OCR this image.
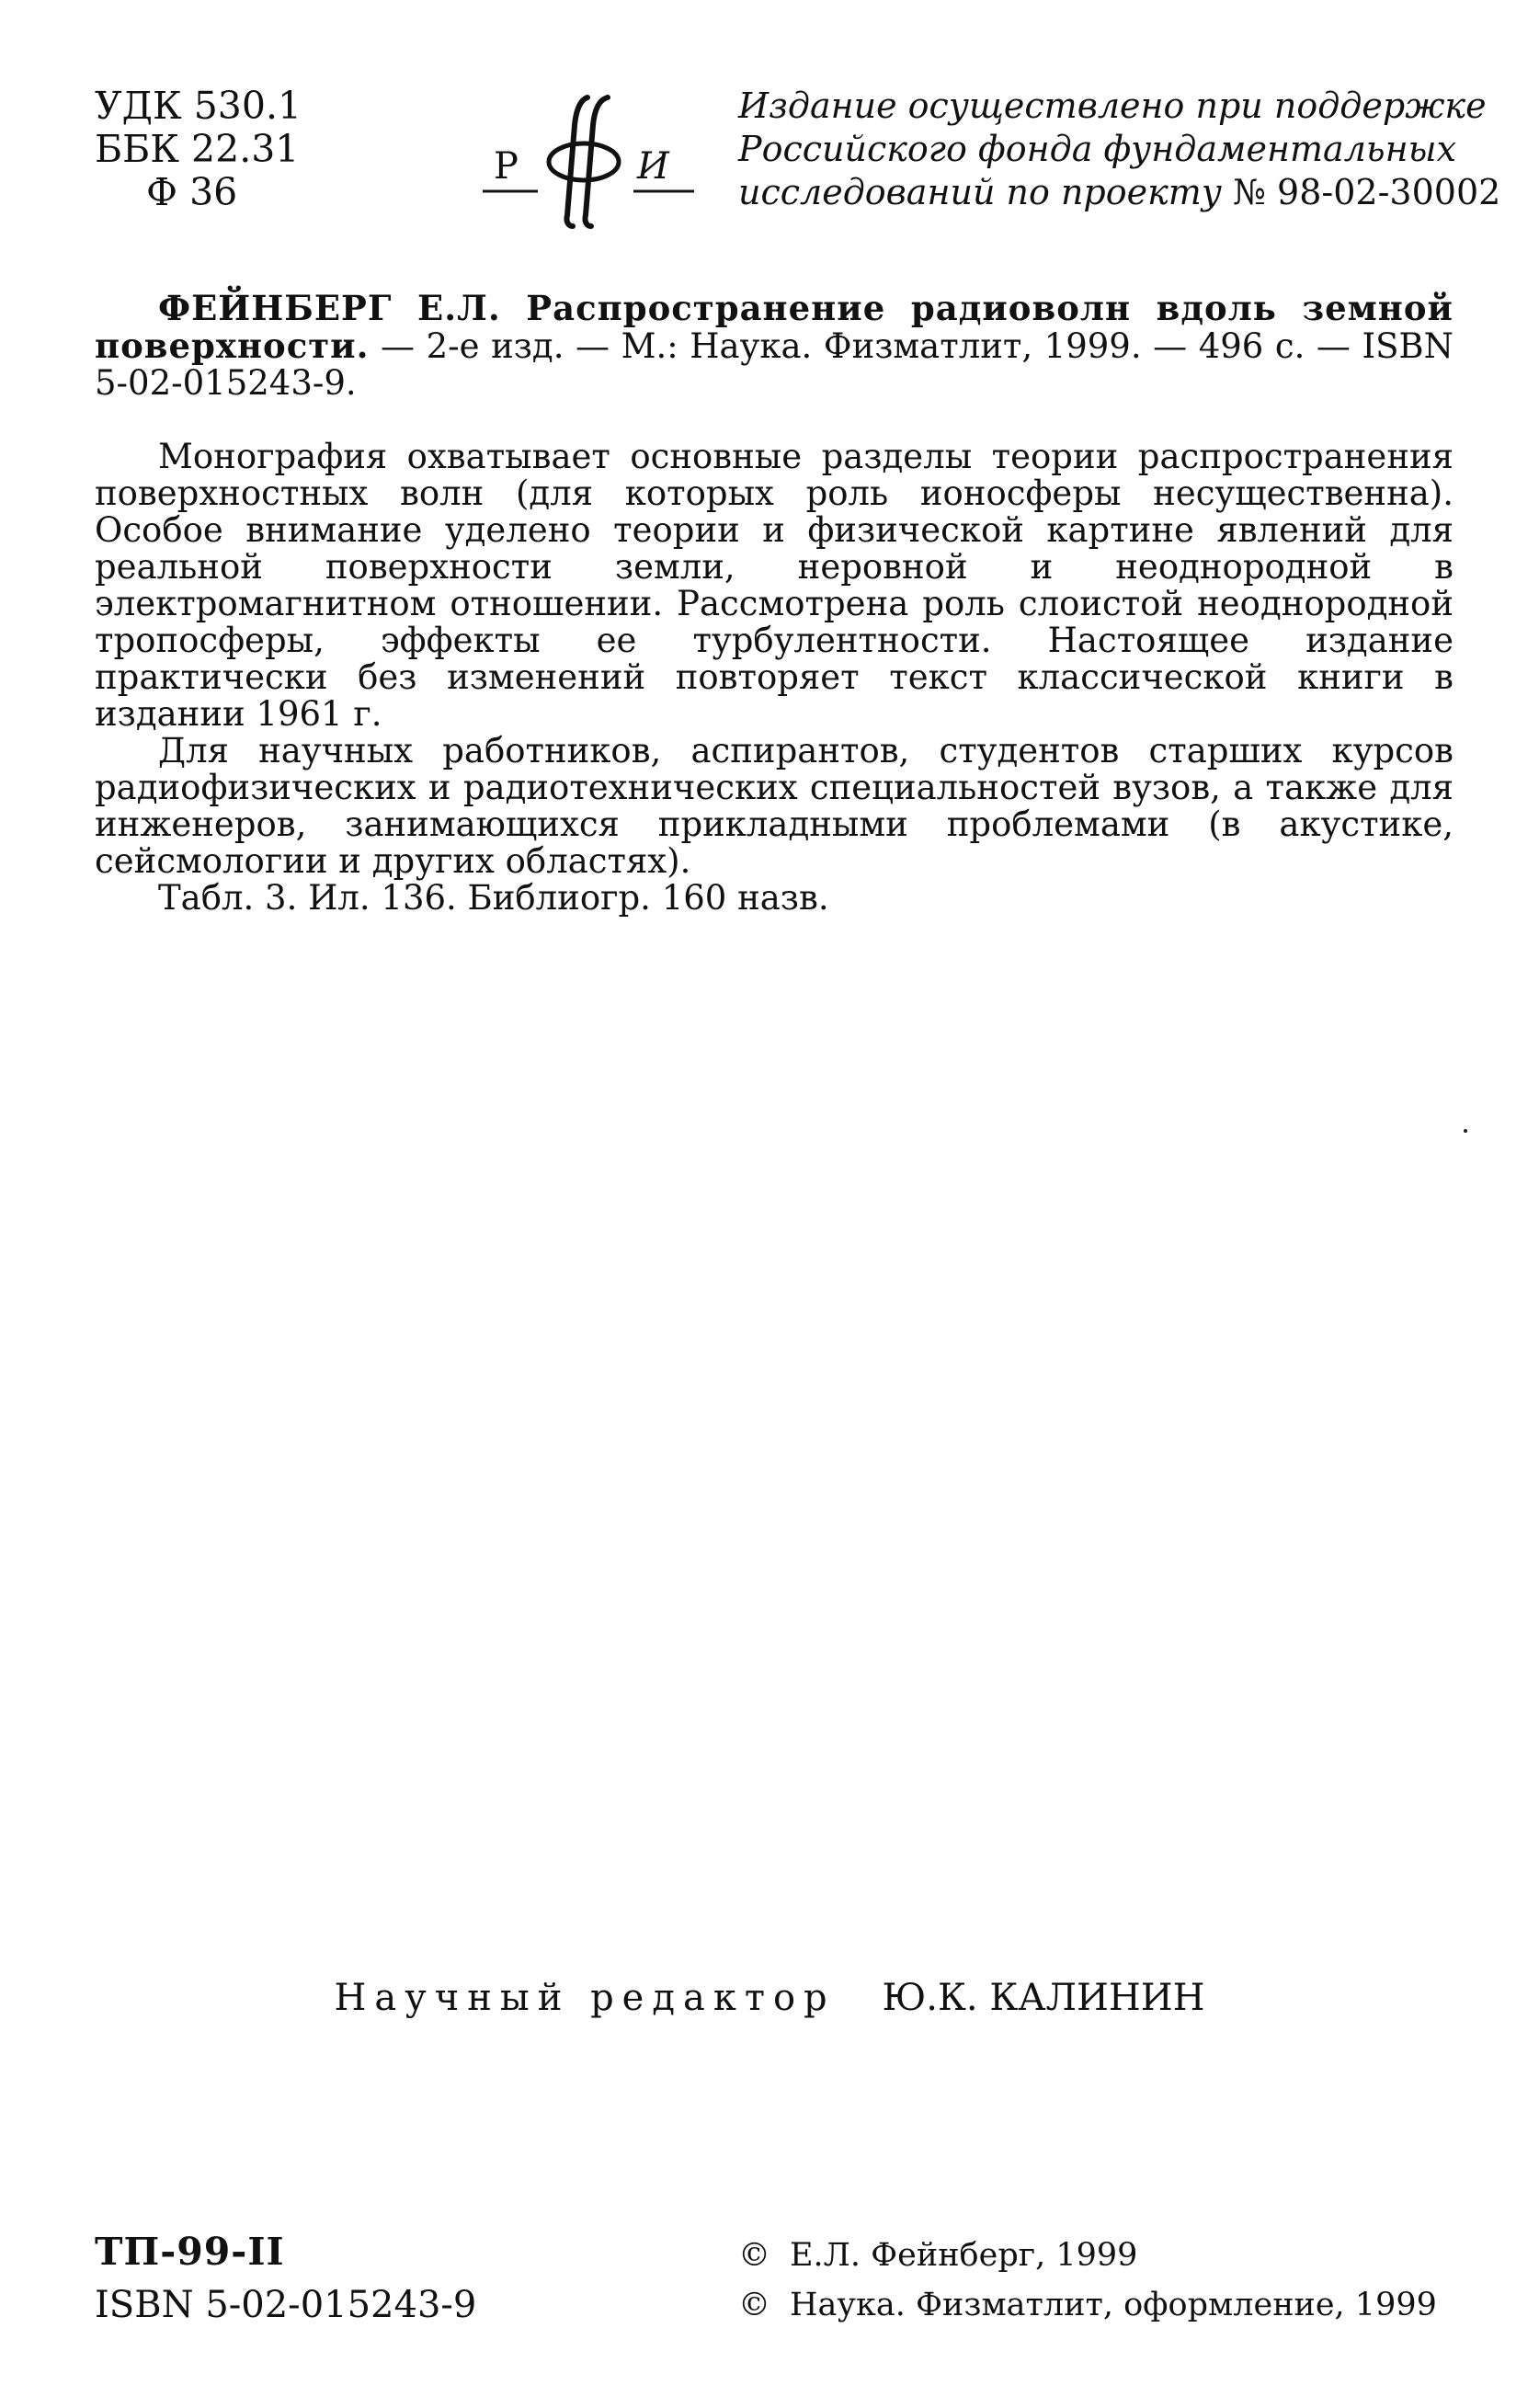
УДК 530.1
ББК 22.31
Ф 36
Р	И
Издание осуществлено при поддержке
Российского фонда фундаментальных
исследований по проекту № 98-02-30002

ФЕЙНБЕРГ Е.Л. Распространение радиоволн вдоль земной поверхности. — 2-е изд. — М.: Наука. Физматлит, 1999. — 496 с. — ISBN 5-02-015243-9.

Монография охватывает основные разделы теории распространения поверхностных волн (для которых роль ионосферы несущественна). Особое внимание уделено теории и физической картине явлений для реальной поверхности земли, неровной и неоднородной в электромагнитном отношении. Рассмотрена роль слоистой неоднородной тропосферы, эффекты ее турбулентности. Настоящее издание практически без изменений повторяет текст классической книги в издании 1961 г.

Для научных работников, аспирантов, студентов старших курсов радиофизических и радиотехнических специальностей вузов, а также для инженеров, занимающихся прикладными проблемами (в акустике, сейсмологии и других областях).

Табл. 3. Ил. 136. Библиогр. 160 назв.

Научный редактор Ю.К. КАЛИНИН
ТП-99-II
ISBN 5-02-015243-9
© Е.Л. Фейнберг, 1999
© Наука. Физматлит, оформление, 1999
